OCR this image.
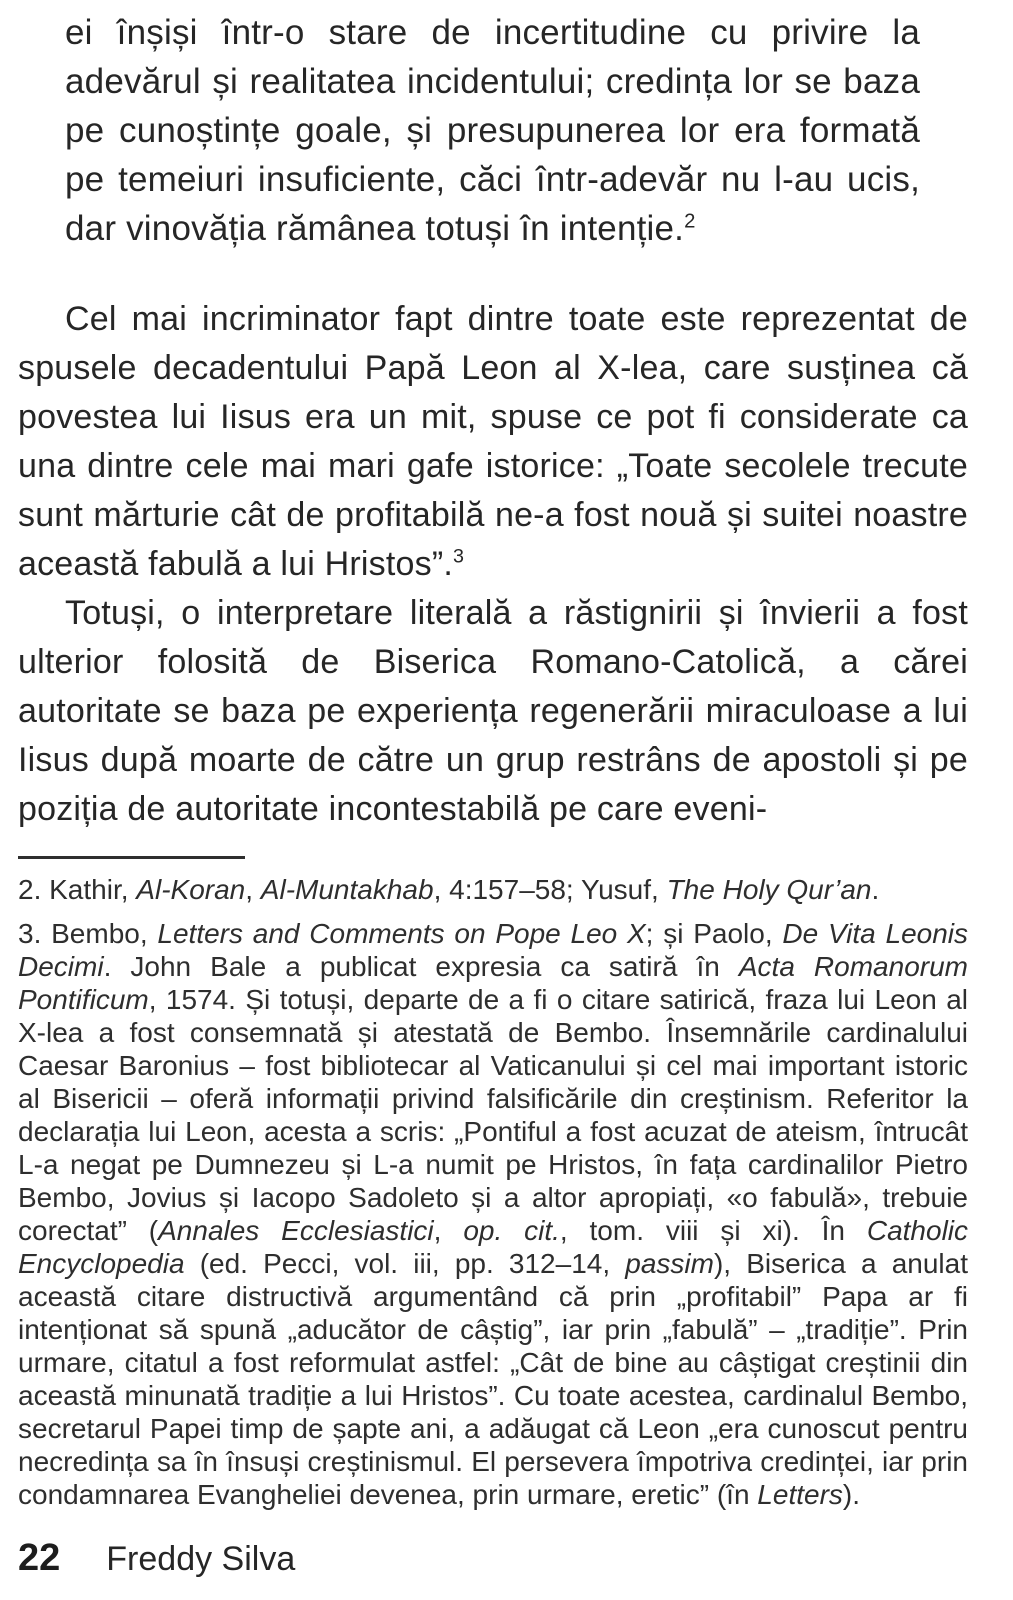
ei înșiși într-o stare de incertitudine cu privire la adevărul și realitatea incidentului; credința lor se baza pe cunoștințe goale, și presupunerea lor era formată pe temeiuri insuficiente, căci într-adevăr nu l-au ucis, dar vinovăția rămânea totuși în intenție.$^2$

Cel mai incriminator fapt dintre toate este reprezentat de spusele decadentului Papă Leon al X-lea, care susținea că povestea lui Iisus era un mit, spuse ce pot fi considerate ca una dintre cele mai mari gafe istorice: „Toate secolele trecute sunt mărturie cât de profitabilă ne-a fost nouă și suitei noastre această fabulă a lui Hristos”.$^3$

Totuși, o interpretare literală a răstignirii și învierii a fost ulterior folosită de Biserica Romano-Catolică, a cărei autoritate se baza pe experiența regenerării miraculoase a lui Iisus după moarte de către un grup restrâns de apostoli și pe poziția de autoritate incontestabilă pe care eveni-

2. Kathir, Al-Koran, Al-Muntakhab, 4:157–58; Yusuf, The Holy Qur’an.

3. Bembo, Letters and Comments on Pope Leo X; și Paolo, De Vita Leonis Decimi. John Bale a publicat expresia ca satiră în Acta Romanorum Pontificum, 1574. Și totuși, departe de a fi o citare satirică, fraza lui Leon al X-lea a fost consemnată și atestată de Bembo. Însemnările cardinalului Caesar Baronius – fost bibliotecar al Vaticanului și cel mai important istoric al Bisericii – oferă informații privind falsificările din creștinism. Referitor la declarația lui Leon, acesta a scris: „Pontiful a fost acuzat de ateism, întrucât L-a negat pe Dumnezeu și L-a numit pe Hristos, în fața cardinalilor Pietro Bembo, Jovius și Iacopo Sadoleto și a altor apropiați, «o fabulă», trebuie corectat” (Annales Ecclesiastici, op. cit., tom. viii și xi). În Catholic Encyclopedia (ed. Pecci, vol. iii, pp. 312–14, passim), Biserica a anulat această citare distructivă argumentând că prin „profitabil” Papa ar fi intenționat să spună „aducător de câștig”, iar prin „fabulă” – „tradiție”. Prin urmare, citatul a fost reformulat astfel: „Cât de bine au câștigat creștinii din această minunată tradiție a lui Hristos”. Cu toate acestea, cardinalul Bembo, secretarul Papei timp de șapte ani, a adăugat că Leon „era cunoscut pentru necredința sa în însuși creștinismul. El persevera împotriva credinței, iar prin condamnarea Evangheliei devenea, prin urmare, eretic” (în Letters).

22 Freddy Silva
